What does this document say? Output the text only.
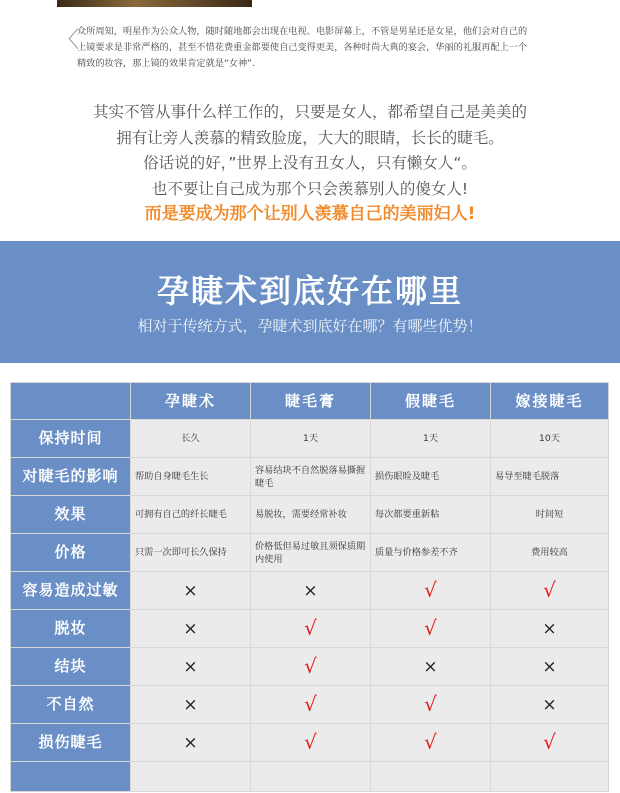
〈
众所周知，明星作为公众人物，随时随地都会出现在电视、电影屏幕上，不管是男星还是女星，他们会对自己的
上镜要求是非常严格的，甚至不惜花费重金都要使自己变得更美，各种时尚大典的宴会，华丽的礼服再配上一个
精致的妆容，那上镜的效果肯定就是“女神”.
其实不管从事什么样工作的，只要是女人，都希望自己是美美的
拥有让旁人羡慕的精致脸庞，大大的眼睛，长长的睫毛。
俗话说的好，”世界上没有丑女人，只有懒女人“。
也不要让自己成为那个只会羡慕别人的傻女人!
而是要成为那个让别人羡慕自己的美丽妇人!
孕睫术到底好在哪里
相对于传统方式，孕睫术到底好在哪？有哪些优势！
	孕睫术	睫毛膏	假睫毛	嫁接睫毛
保持时间	长久	1天	1天	10天
对睫毛的影响	帮助自身睫毛生长	容易结块不自然脱落易撕握睫毛	损伤眼睑及睫毛	易导至睫毛脱落
效果	可拥有自己的纤长睫毛	易脱妆，需要经常补妆	每次都要重新粘	时间短
价格	只需一次即可长久保持	价格低但易过敏且须保质期内使用	质量与价格参差不齐	费用较高
容易造成过敏	×	×	√	√
脱妆	×	√	√	×
结块	×	√	×	×
不自然	×	√	√	×
损伤睫毛	×	√	√	√
